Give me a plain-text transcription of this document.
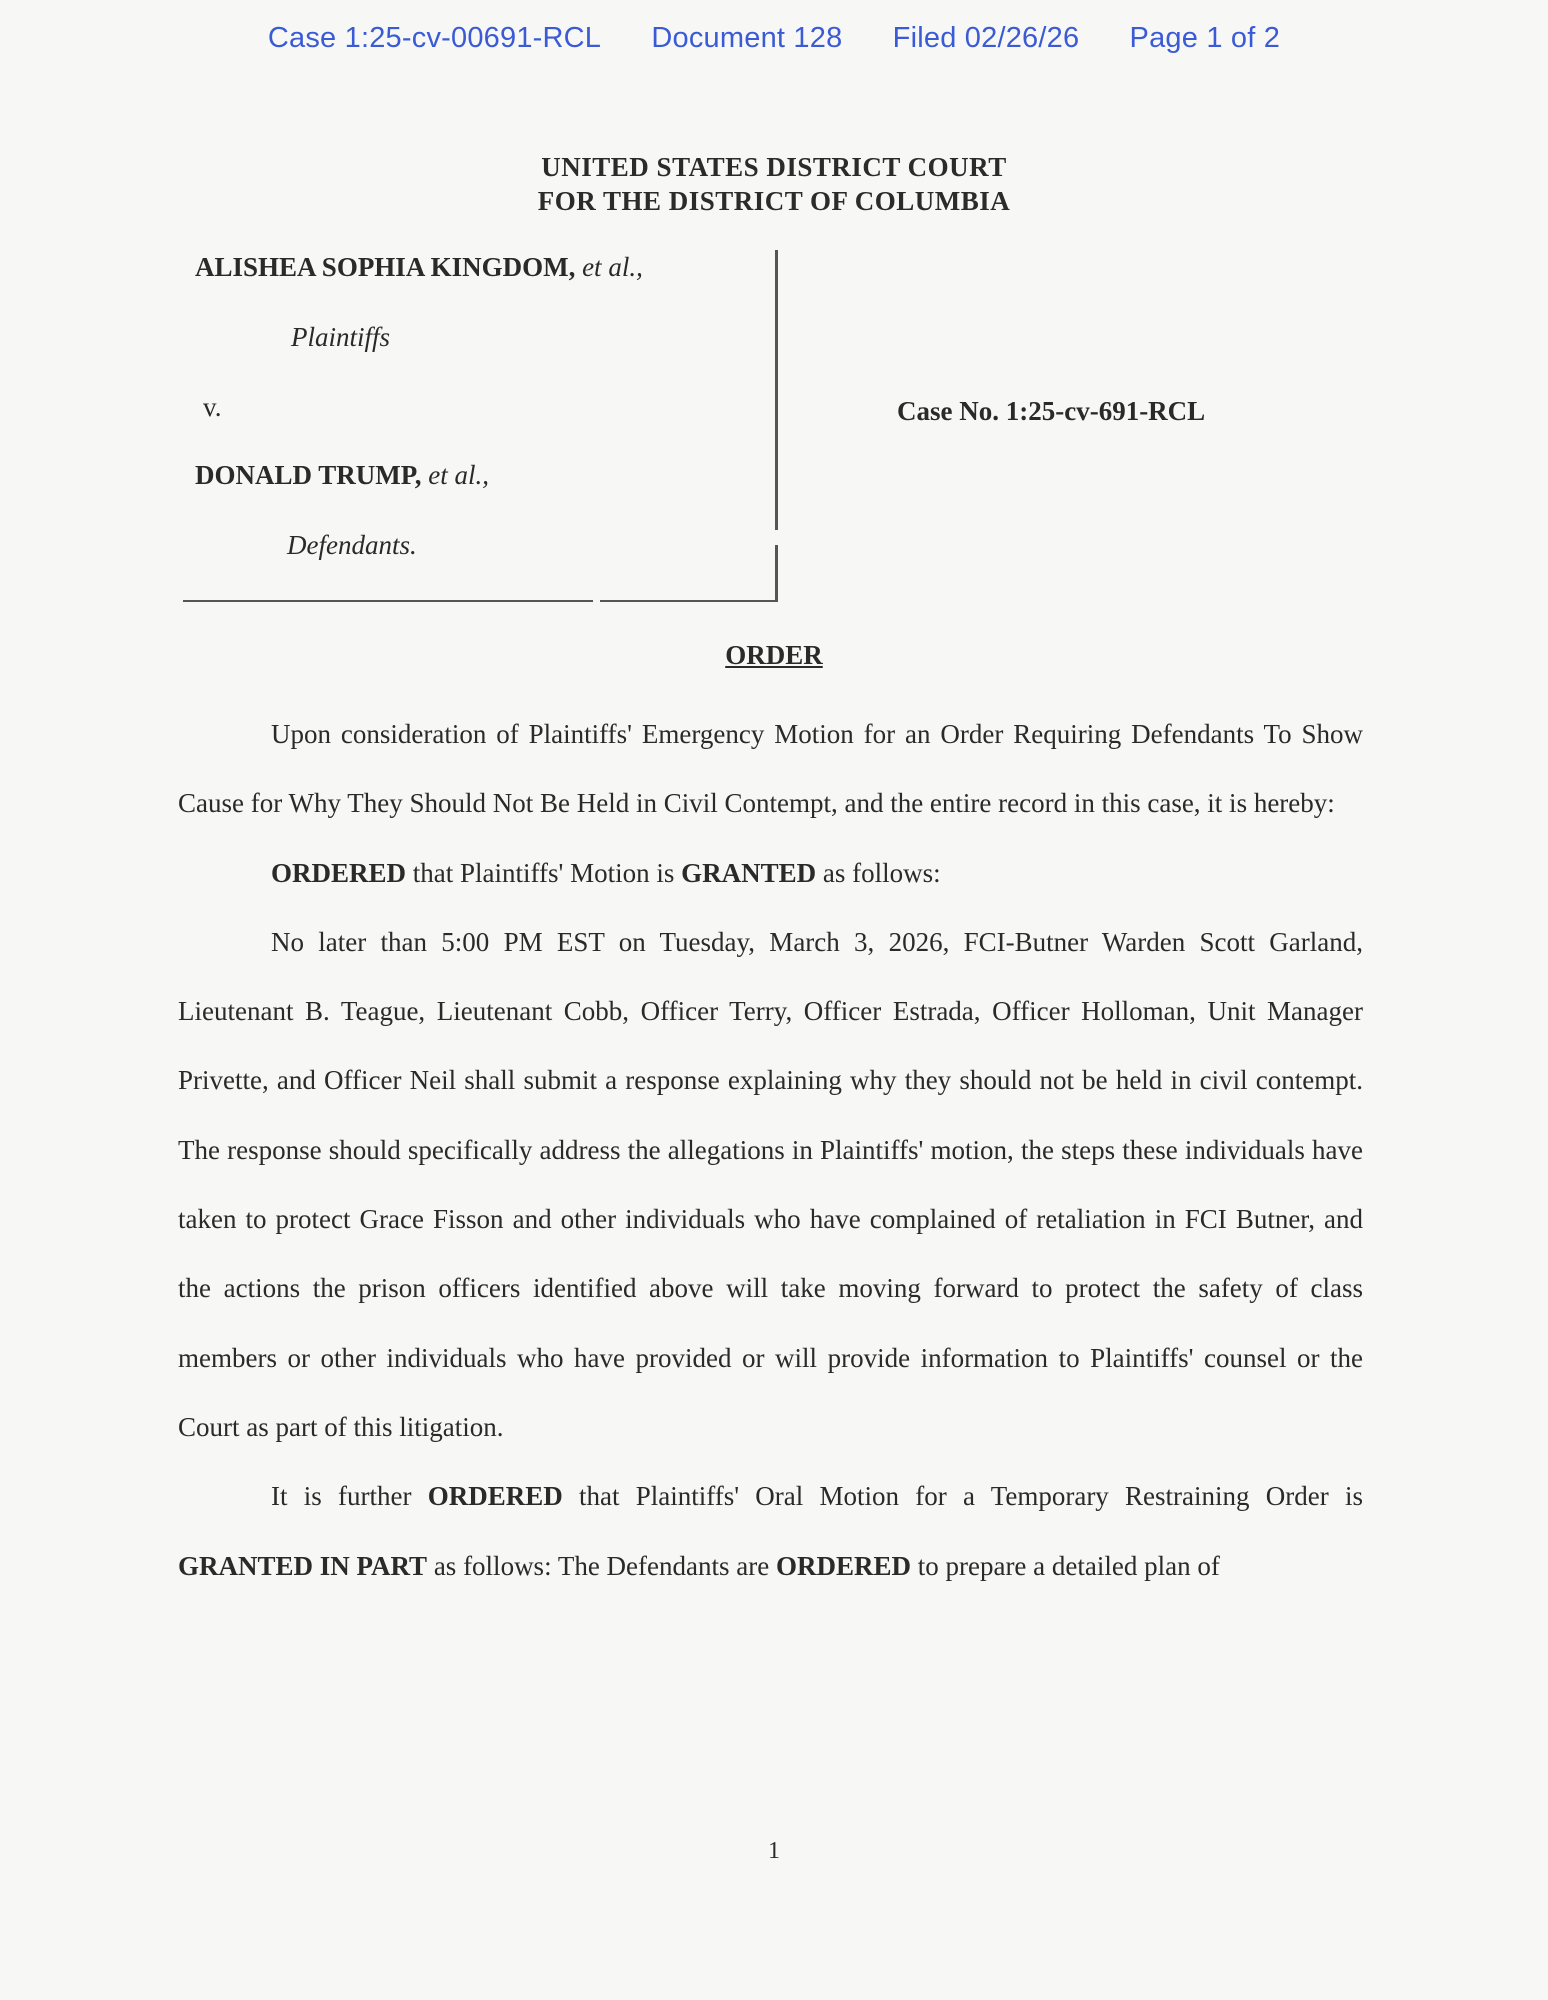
Case 1:25-cv-00691-RCL Document 128 Filed 02/26/26 Page 1 of 2
UNITED STATES DISTRICT COURT
FOR THE DISTRICT OF COLUMBIA
ALISHEA SOPHIA KINGDOM, et al.,
Plaintiffs
v.
DONALD TRUMP, et al.,
Defendants.
Case No. 1:25-cv-691-RCL
ORDER

Upon consideration of Plaintiffs' Emergency Motion for an Order Requiring Defendants To Show Cause for Why They Should Not Be Held in Civil Contempt, and the entire record in this case, it is hereby:

ORDERED that Plaintiffs' Motion is GRANTED as follows:

No later than 5:00 PM EST on Tuesday, March 3, 2026, FCI-Butner Warden Scott Garland, Lieutenant B. Teague, Lieutenant Cobb, Officer Terry, Officer Estrada, Officer Holloman, Unit Manager Privette, and Officer Neil shall submit a response explaining why they should not be held in civil contempt. The response should specifically address the allegations in Plaintiffs' motion, the steps these individuals have taken to protect Grace Fisson and other individuals who have complained of retaliation in FCI Butner, and the actions the prison officers identified above will take moving forward to protect the safety of class members or other individuals who have provided or will provide information to Plaintiffs' counsel or the Court as part of this litigation.

It is further ORDERED that Plaintiffs' Oral Motion for a Temporary Restraining Order is GRANTED IN PART as follows: The Defendants are ORDERED to prepare a detailed plan of

1
